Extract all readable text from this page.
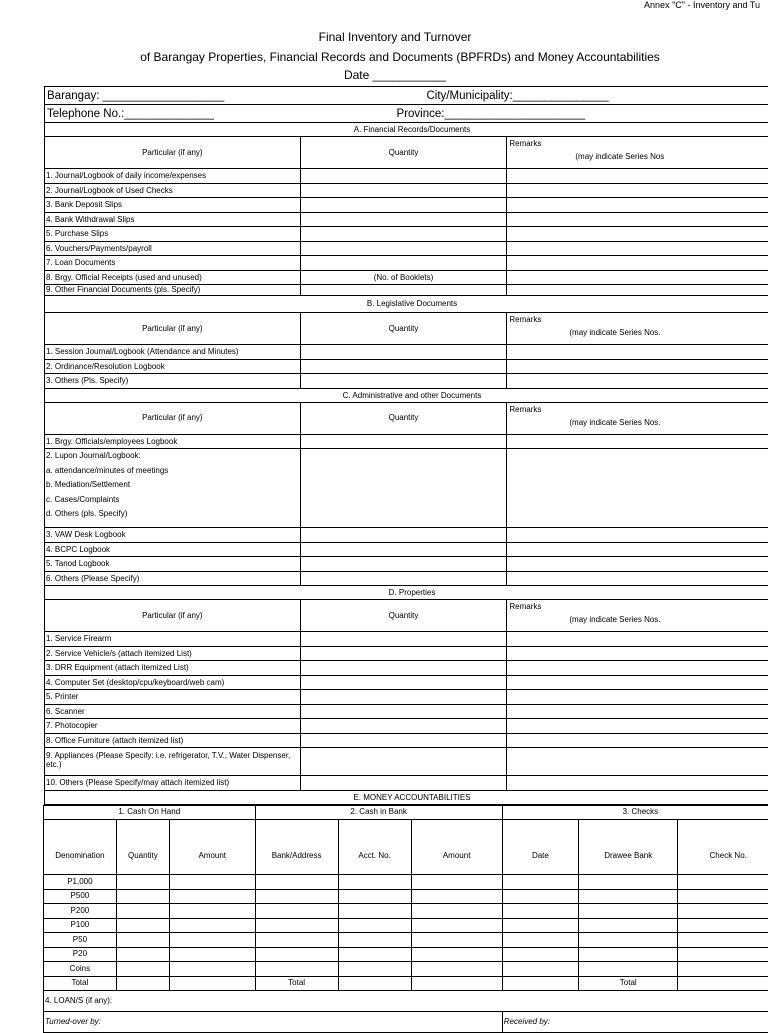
Annex "C" - Inventory and Tu
Final Inventory and Turnover
of Barangay Properties, Financial Records and Documents (BPFRDs) and Money Accountabilities
Date ___________
Barangay: ___________________	City/Municipality:_______________
Telephone No.:______________	Province:______________________
A. Financial Records/Documents
Particular (if any)	Quantity
Remarks
(may indicate Series Nos
1. Journal/Logbook of daily income/expenses
2. Journal/Logbook of Used Checks
3. Bank Deposit Slips
4. Bank Withdrawal Slips
5. Purchase Slips
6. Vouchers/Payments/payroll
7. Loan Documents
8. Brgy. Official Receipts (used and unused)	(No. of Booklets)
9. Other Financial Documents (pls. Specify)
B. Legislative Documents
Particular (if any)	Quantity
Remarks
(may indicate Series Nos.
1. Session Journal/Logbook (Attendance and Minutes)
2. Ordinance/Resolution Logbook
3. Others (Pls. Specify)
C. Administrative and other Documents
Particular (if any)	Quantity
Remarks
(may indicate Series Nos.
1. Brgy. Officials/employees Logbook
2. Lupon Journal/Logbook:
a. attendance/minutes of meetings
b. Mediation/Settlement
c. Cases/Complaints
d. Others (pls. Specify)
3. VAW Desk Logbook
4. BCPC Logbook
5. Tanod Logbook
6. Others (Please Specify)
D. Properties
Particular (if any)	Quantity
Remarks
(may indicate Series Nos.
1. Service Firearm
2. Service Vehicle/s (attach itemized List)
3. DRR Equipment (attach itemized List)
4. Computer Set (desktop/cpu/keyboard/web cam)
5. Printer
6. Scanner
7. Photocopier
8. Office Furniture (attach itemized list)
9. Appliances (Please Specify: i.e. refrigerator, T.V., Water Dispenser, etc.)
10. Others (Please Specify/may attach itemized list)
E. MONEY ACCOUNTABILITIES
1. Cash On Hand			2. Cash in Bank			3. Checks		
Denomination	Quantity	Amount	Bank/Address	Acct. No.	Amount	Date	Drawee Bank	Check No.
P1,000								
P500								
P200								
P100								
P50								
P20								
Coins								
Total			Total				Total	
4. LOAN/S (if any):								
Turned-over by:						Received by:		
